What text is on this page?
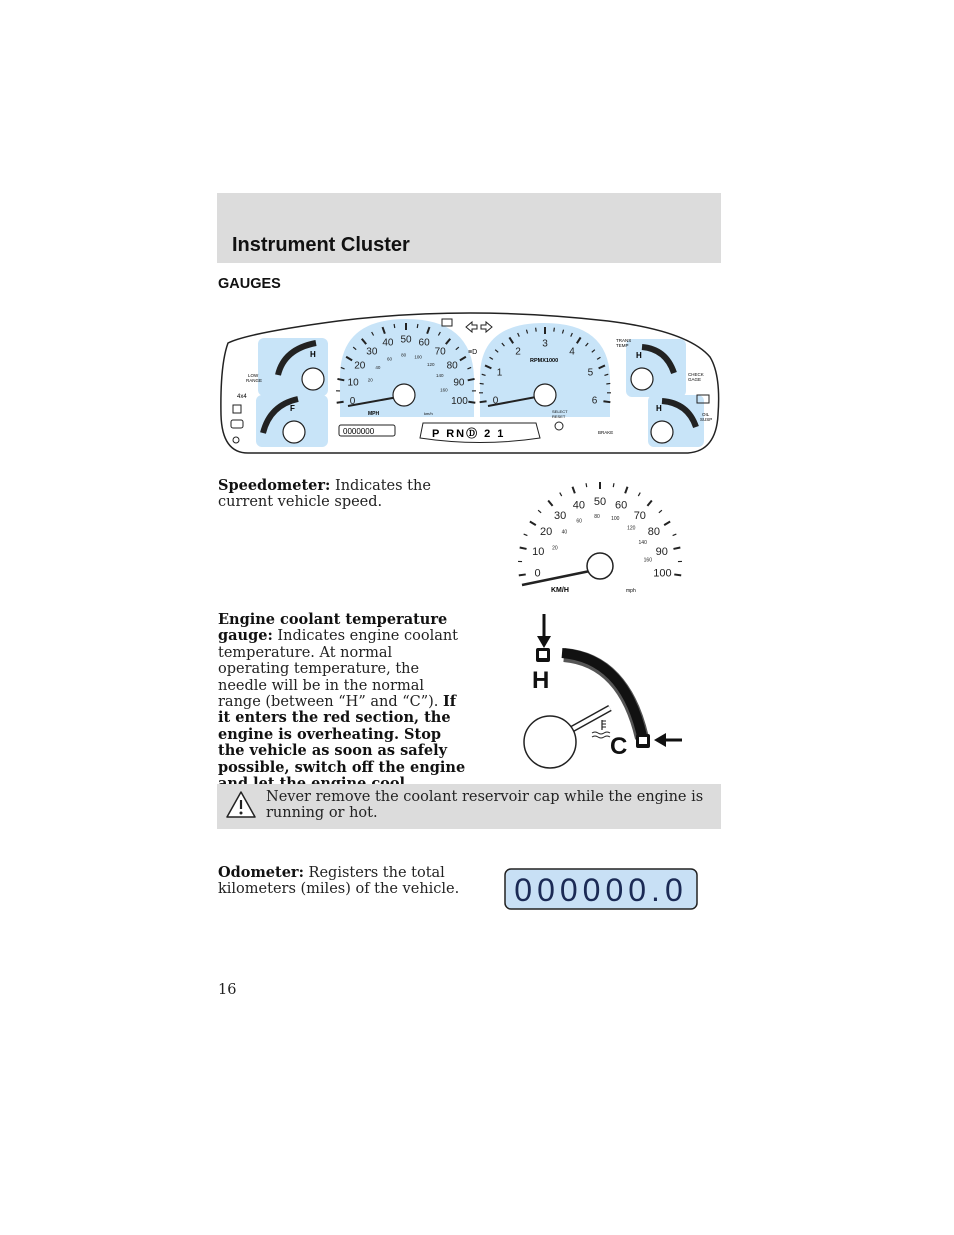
Instrument Cluster
GAUGES
H
F
LOW
RANGE
4x4	0
10
20
30
40 50 60
70
80
90
100
20
40
60
80 100
120
140
160
MPH	km/h
0
1
2
3
4
5
6
RPMX1000
SELECT
RESET
≡D	H
H
TRANS
TEMP
CHECK
GAGE
OIL
SUSP
0000000	P RNⒹ 2 1	BRAKE

Speedometer: Indicates the current vehicle speed.

0
10
20
30
40 50 60
70
80
90
100
20
40
60
80 100
120
140
160
KM/H	mph

Engine coolant temperature gauge: Indicates engine coolant temperature. At normal operating temperature, the needle will be in the normal range (between “H” and “C”). If it enters the red section, the engine is overheating. Stop the vehicle as soon as safely possible, switch off the engine

H
C

Never remove the coolant reservoir cap while the engine is running or hot.

Odometer: Registers the total kilometers (miles) of the vehicle. 000000.0

16
